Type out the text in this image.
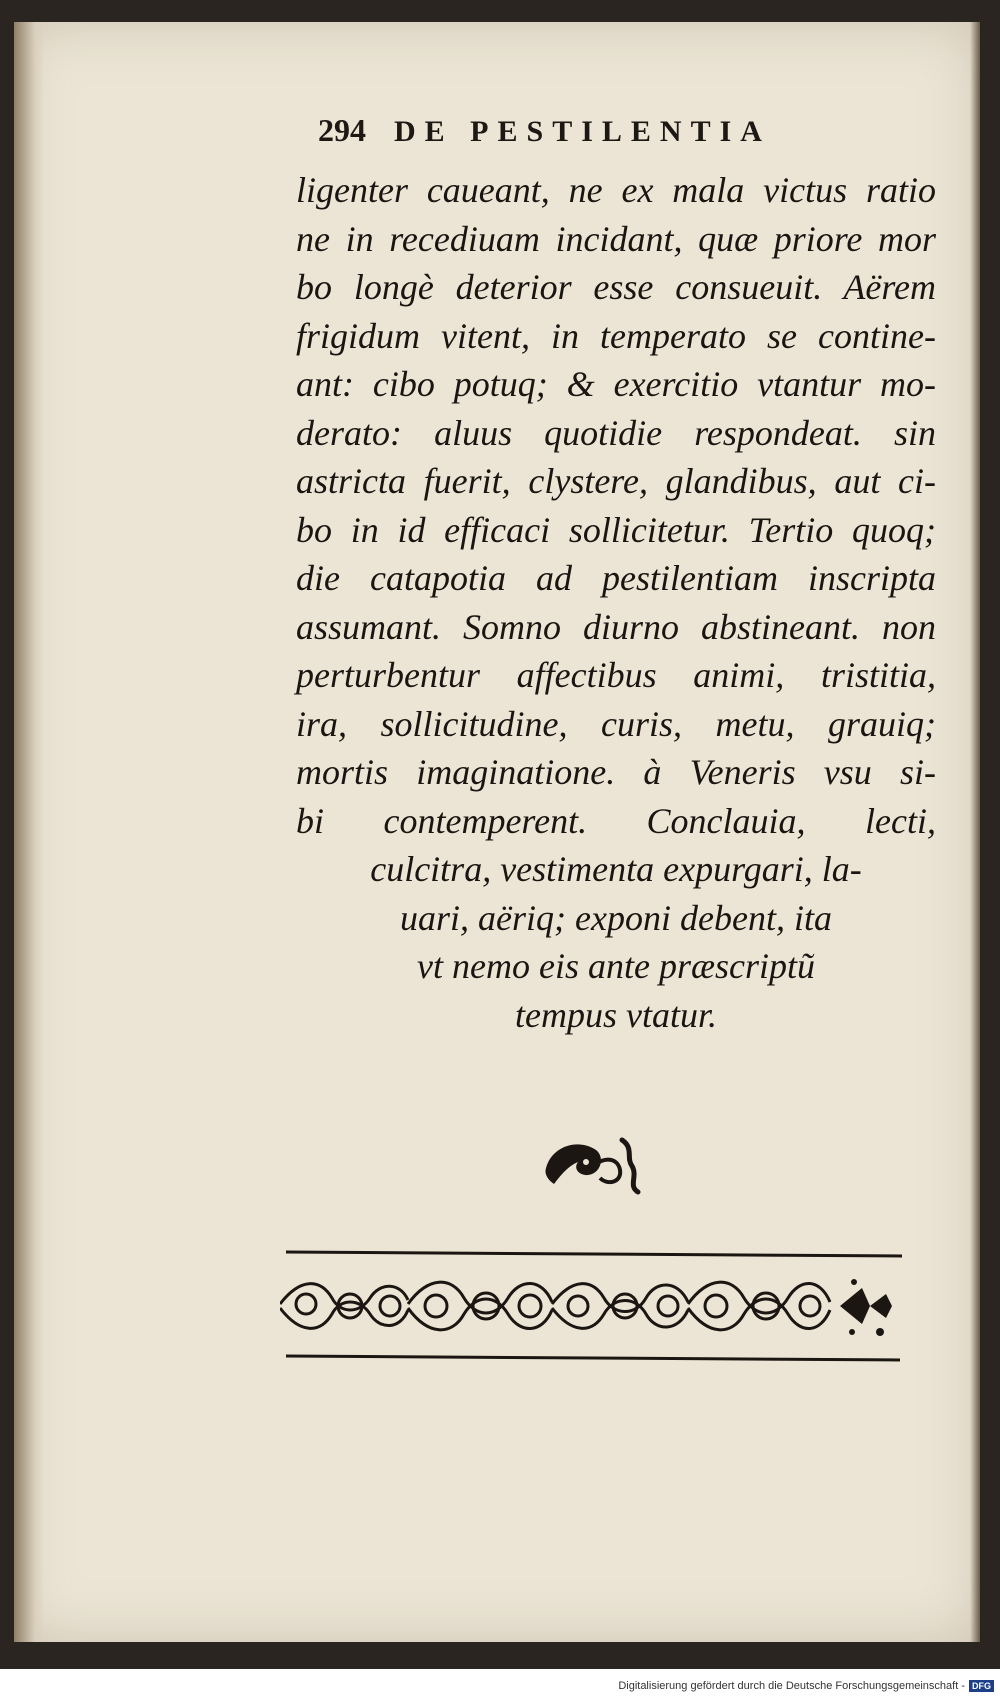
294 DE PESTILENTIA
ligenter caueant, ne ex mala victus ratio
ne in recediuam incidant, quæ priore mor
bo longè deterior esse consueuit. Aërem
frigidum vitent, in temperato se contine-
ant: cibo potuq; & exercitio vtantur mo-
derato: aluus quotidie respondeat. sin
astricta fuerit, clystere, glandibus, aut ci-
bo in id efficaci sollicitetur. Tertio quoq;
die catapotia ad pestilentiam inscripta
assumant. Somno diurno abstineant. non
perturbentur affectibus animi, tristitia,
ira, sollicitudine, curis, metu, grauiq;
mortis imaginatione. à Veneris vsu si-
bi contemperent. Conclauia, lecti,
culcitra, vestimenta expurgari, la-
uari, aëriq; exponi debent, ita
vt nemo eis ante præscriptũ
tempus vtatur.
Digitalisierung gefördert durch die Deutsche Forschungsgemeinschaft - DFG
